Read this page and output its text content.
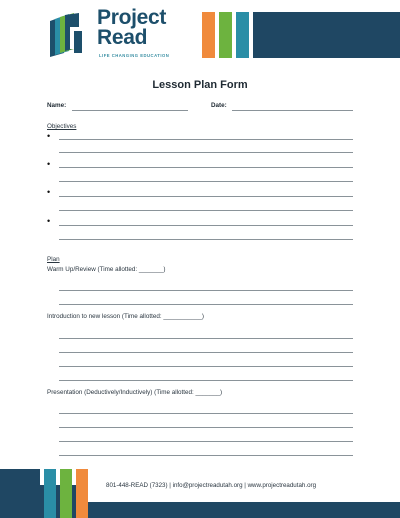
Project
Read
LIFE CHANGING EDUCATION
Lesson Plan Form
Name:	Date:
Objectives
•
•
•
•
Plan
Warm Up/Review (Time allotted: _______)
Introduction to new lesson (Time allotted: ___________)
Presentation (Deductively/Inductively) (Time allotted: _______)
801-448-READ (7323) | info@projectreadutah.org | www.projectreadutah.org
